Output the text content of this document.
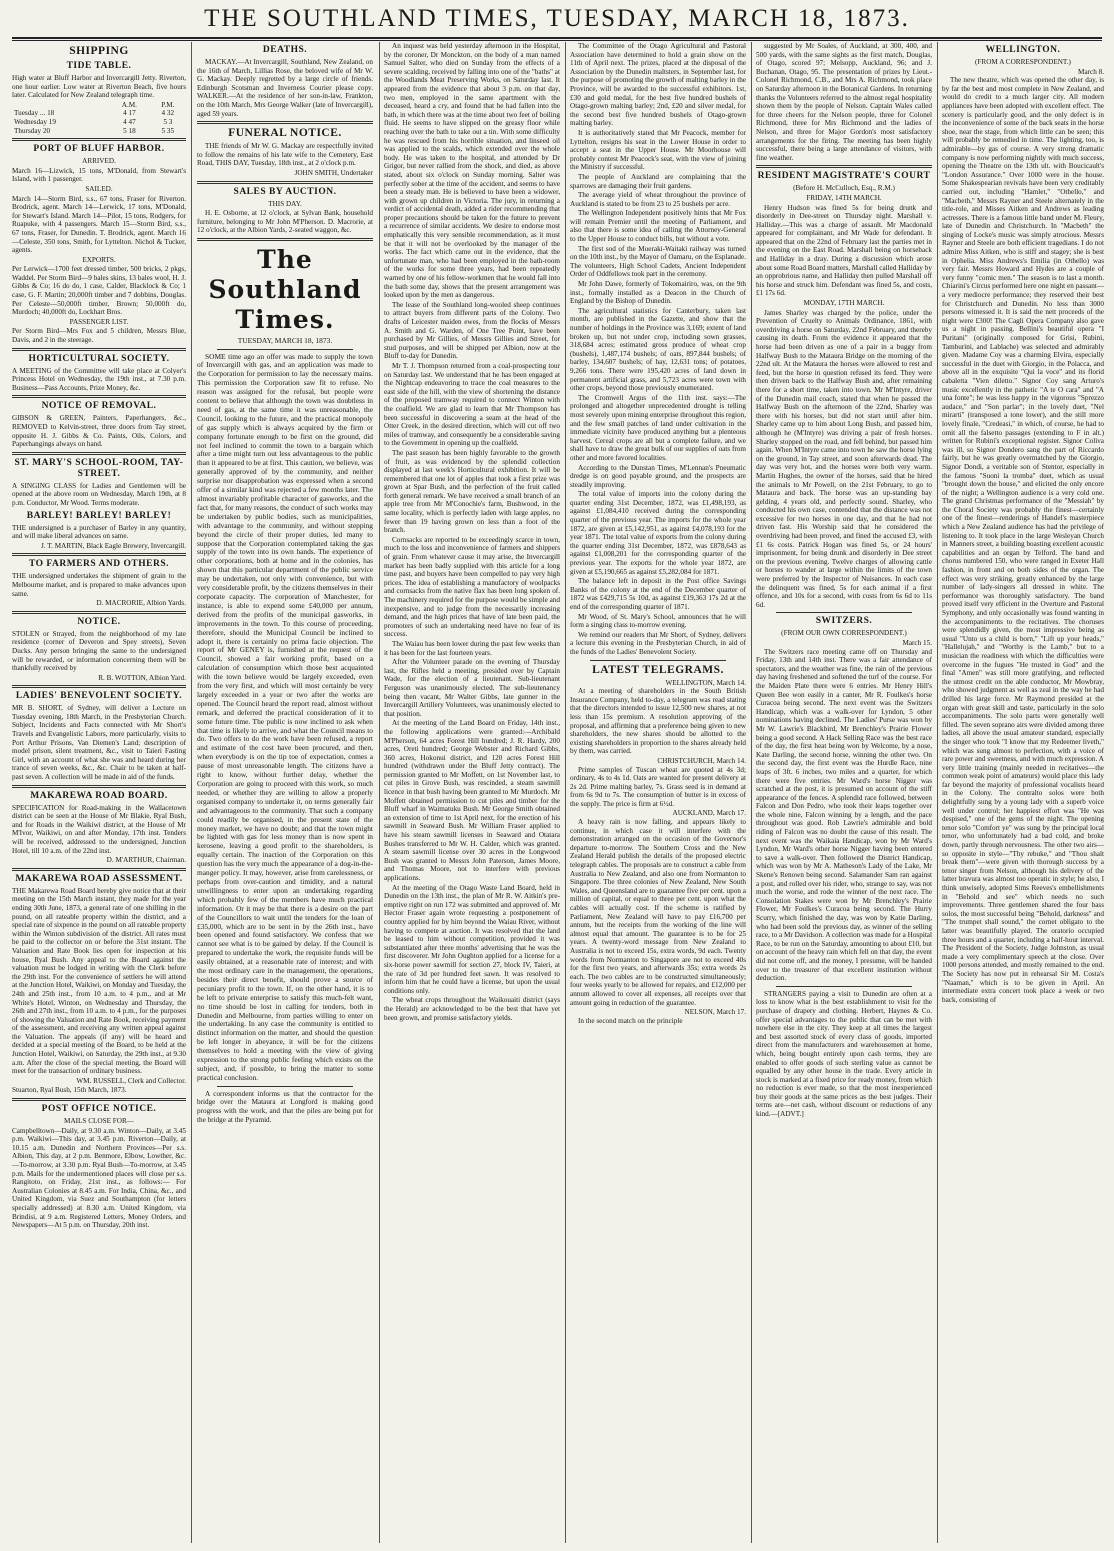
THE SOUTHLAND TIMES, TUESDAY, MARCH 18, 1873.
SHIPPING
TIDE TABLE.

High water at Bluff Harbor and Invercargill Jetty. Riverton, one hour earlier. Low water at Riverton Beach, five hours later. Calculated for New Zealand telegraph time.

	A.M.	P.M.
Tuesday ... 18	4 17	4 32
Wednesday 19	4 47	5 3
Thursday 20	5 18	5 35
PORT OF BLUFF HARBOR.
ARRIVED.

March 16—Lizwick, 15 tons, M'Donald, from Stewart's Island, with 1 passenger.

SAILED.

March 14—Storm Bird, s.s., 67 tons, Fraser for Riverton. Brodrick, agent. March 14—Lerwick, 17 tons, M'Donald, for Stewart's Island. March 14—Pilot, 15 tons, Rodgers, for Ruapuke, with 4 passengers. March 15—Storm Bird, s.s., 67 tons, Fraser, for Dunedin. T. Brodrick, agent. March 16—Celeste, 350 tons, Smith, for Lyttelton. Nichol & Tucker, agents.

EXPORTS.

Per Lerwick—1700 feet dressed timber, 500 bricks, 2 pkgs, Waddel. Per Storm Bird—9 bales skins, 13 bales wool, H. J. Gibbs & Co; 16 do do, 1 case, Calder, Blacklock & Co; 1 case, G. F. Martin; 20,000ft timber and 7 dobbins, Douglas. Per Celeste—50,000ft timber, Brown; 50,000ft do, Murdoch; 40,000ft do, Lockhart Bros.

PASSENGER LIST.

Per Storm Bird—Mrs Fox and 5 children, Messrs Blue, Davis, and 2 in the steerage.

HORTICULTURAL SOCIETY.

A MEETING of the Committee will take place at Colyer's Princess Hotel on Wednesday, the 19th inst., at 7.30 p.m. Business—Pass Accounts, Prize Money, &c.

NOTICE OF REMOVAL.

GIBSON & GREEN, Painters, Paperhangers, &c., REMOVED to Kelvin-street, three doors from Tay street, opposite H. J. Gibbs & Co. Paints, Oils, Colors, and Paperhangings always on hand.

ST. MARY'S SCHOOL-ROOM, TAY-STREET.

A SINGING CLASS for Ladies and Gentlemen will be opened at the above room on Wednesday, March 19th, at 8 p.m. Conductor, Mr Wood. Terms moderate.

BARLEY! BARLEY! BARLEY!

THE undersigned is a purchaser of Barley in any quantity, and will make liberal advances on same.

J. T. MARTIN, Black Eagle Brewery, Invercargill.

TO FARMERS AND OTHERS.

THE undersigned undertakes the shipment of grain to the Melbourne market, and is prepared to make advances upon same.

D. MACRORIE, Albion Yards.

NOTICE.

STOLEN or Strayed, from the neighborhood of my late residence (corner of Deveron and Spey streets), Seven Ducks. Any person bringing the same to the undersigned will be rewarded, or information concerning them will be thankfully received by

R. B. WOTTON, Albion Yard.

LADIES' BENEVOLENT SOCIETY.

MR B. SHORT, of Sydney, will deliver a Lecture on Tuesday evening, 18th March, in the Presbyterian Church. Subject, Incidents and Facts connected with Mr Short's Travels and Evangelistic Labors, more particularly, visits to Port Arthur Prisons, Van Diemen's Land; description of model prison, silent treatment, &c., visit to Taieri Fasting Girl, with an account of what she was and heard during her trance of seven weeks, &c., &c. Chair to be taken at half-past seven. A collection will be made in aid of the funds.

MAKAREWA ROAD BOARD.

SPECIFICATION for Road-making in the Wallacetown district can be seen at the House of Mr Blakie, Ryal Bush, and for Roads in the Waikiwi district, at the House of Mr M'Ivor, Waikiwi, on and after Monday, 17th inst. Tenders will be received, addressed to the undersigned, Junction Hotel, till 10 a.m. of the 22nd inst.

D. M'ARTHUR, Chairman.

MAKAREWA ROAD ASSESSMENT.

THE Makarewa Road Board hereby give notice that at their meeting on the 15th March instant, they made for the year ending 30th June, 1873, a general rate of one shilling in the pound, on all rateable property within the district, and a special rate of sixpence in the pound on all rateable property within the Winton subdivision of the district. All rates must be paid to the collector on or before the 31st instant. The Valuation and Rate Book lies open for inspection at his house, Ryal Bush. Any appeal to the Board against the valuation must be lodged in writing with the Clerk before the 29th inst. For the convenience of settlers he will attend at the Junction Hotel, Waikiwi, on Monday and Tuesday, the 24th and 25th inst., from 10 a.m. to 4 p.m., and at Mr White's Hotel, Winton, on Wednesday and Thursday, the 26th and 27th inst., from 10 a.m. to 4 p.m., for the purposes of showing the Valuation and Rate Book, receiving payment of the assessment, and receiving any written appeal against the Valuation. The appeals (if any) will be heard and decided at a special meeting of the Board, to be held at the Junction Hotel, Waikiwi, on Saturday, the 29th inst., at 9.30 a.m. After the close of the special meeting, the Board will meet for the transaction of ordinary business.

WM. RUSSELL, Clerk and Collector.

Stuarton, Ryal Bush, 15th March, 1873.

POST OFFICE NOTICE.
MAILS CLOSE FOR—

Campbelltown—Daily, at 9.30 a.m. Winton—Daily, at 3.45 p.m. Waikiwi—This day, at 3.45 p.m. Riverton—Daily, at 10.15 a.m. Dunedin and Northern Provinces—Per s.s. Albion, This day, at 2 p.m. Benmore, Elbow, Lowther, &c.—To-morrow, at 3.30 p.m. Ryal Bush—To-morrow, at 3.45 p.m. Mails for the undermentioned places will close per s.s. Rangitoto, on Friday, 21st inst., as follows:— For Australian Colonies at 8.45 a.m. For India, China, &c., and United Kingdom, via Suez and Southampton (for letters specially addressed) at 8.30 a.m. United Kingdom, via Brindisi, at 9 a.m. Registered Letters, Money Orders, and Newspapers—At 5 p.m. on Thursday, 20th inst.

DEATHS.

MACKAY.—At Invercargill, Southland, New Zealand, on the 16th of March, Lillias Rose, the beloved wife of Mr W. G. Mackay. Deeply regretted by a large circle of friends. Edinburgh Scotsman and Inverness Courier please copy. WALKER.—At the residence of her son-in-law, Frankton, on the 10th March, Mrs George Walker (late of Invercargill), aged 59 years.

FUNERAL NOTICE.

THE friends of Mr W. G. Mackay are respectfully invited to follow the remains of his late wife to the Cemetery, East Road, THIS DAY, Tuesday, 18th inst., at 2 o'clock p.m.

JOHN SMITH, Undertaker

SALES BY AUCTION.
THIS DAY.

H. E. Osborne, at 12 o'clock, at Sylvan Bank, household furniture, belonging to Mr John M'Pherson. D. Macrorie, at 12 o'clock, at the Albion Yards, 2-seated waggon, &c.

The Southland Times.
TUESDAY, MARCH 18, 1873.

SOME time ago an offer was made to supply the town of Invercargill with gas, and an application was made to the Corporation for permission to lay the necessary mains. This permission the Corporation saw fit to refuse. No reason was assigned for the refusal, but people were content to believe that although the town was doubtless in need of gas, at the same time it was unreasonable, the Council, looking to the future, and the practical monopoly of gas supply which is always acquired by the firm or company fortunate enough to be first on the ground, did not feel inclined to commit the town to a bargain which after a time might turn out less advantageous to the public than it appeared to be at first. This caution, we believe, was generally approved of by the community, and neither surprise nor disapprobation was expressed when a second offer of a similar kind was rejected a few months later. The almost invariably profitable character of gasworks, and the fact that, for many reasons, the conduct of such works may be undertaken by public bodies, such as municipalities, with advantage to the community, and without stepping beyond the circle of their proper duties, led many to suppose that the Corporation contemplated taking the gas supply of the town into its own hands. The experience of other corporations, both at home and in the colonies, has shown that this particular department of the public service may be undertaken, not only with convenience, but with very considerable profit, by the citizens themselves in their corporate capacity. The corporation of Manchester, for instance, is able to expend some £40,000 per annum, derived from the profits of the municipal gasworks, in improvements in the town. To this course of proceeding, therefore, should the Municipal Council be inclined to adopt it, there is certainly no prima facie objection. The report of Mr GENEY is, furnished at the request of the Council, showed a fair working profit, based on a calculation of consumption which those best acquainted with the town believe would be largely exceeded, even from the very first, and which will most certainly be very largely exceeded in a year or two after the works are opened. The Council heard the report read, almost without remark, and deferred the practical consideration of it to some future time. The public is now inclined to ask when that time is likely to arrive, and what the Council means to do. Two offers to do the work have been refused, a report and estimate of the cost have been procured, and then, when everybody is on the tip toe of expectation, comes a pause of most unreasonable length. The citizens have a right to know, without further delay, whether the Corporation are going to proceed with this work, so much needed, or whether they are willing to allow a properly organised company to undertake it, on terms generally fair and advantageous to the community. That such a company could readily be organised, in the present state of the money market, we have no doubt; and that the town might be lighted with gas for less money than is now spent in kerosene, leaving a good profit to the shareholders, is equally certain. The inaction of the Corporation on this question has the very much the appearance of a dog-in-the-manger policy. It may, however, arise from carelessness, or perhaps from over-caution and timidity, and a natural unwillingness to enter upon an undertaking regarding which probably few of the members have much practical information. Or it may be that there is a desire on the part of the Councillors to wait until the tenders for the loan of £35,000, which are to be sent in by the 26th inst., have been opened and found satisfactory. We confess that we cannot see what is to be gained by delay. If the Council is prepared to undertake the work, the requisite funds will be easily obtained, at a reasonable rate of interest; and with the most ordinary care in the management, the operations, besides their direct benefit, should prove a source of pecuniary profit to the town. If, on the other hand, it is to be left to private enterprise to satisfy this much-felt want, no time should be lost in calling for tenders, both in Dunedin and Melbourne, from parties willing to enter on the undertaking. In any case the community is entitled to distinct information on the matter, and should the question be left longer in abeyance, it will be for the citizens themselves to hold a meeting with the view of giving expression to the strong public feeling which exists on the subject, and, if possible, to bring the matter to some practical conclusion.

A correspondent informs us that the contractor for the bridge over the Mataura at Longford is making good progress with the work, and that the piles are being put for the bridge at the Pyramid.

An inquest was held yesterday afternoon in the Hospital, by the coroner, Dr Monckton, on the body of a man named Samuel Salter, who died on Sunday from the effects of a severe scalding, received by falling into one of the "baths" at the Woodlands Meat Preserving Works, on Saturday last. It appeared from the evidence that about 3 p.m. on that day, two men, employed in the same apartment with the deceased, heard a cry, and found that he had fallen into the bath, in which there was at the time about two feet of boiling fluid. He seems to have slipped on the greasy floor while reaching over the bath to take out a tin. With some difficulty he was rescued from his horrible situation, and linseed oil was applied to the scalds, which extended over the whole body. He was taken to the hospital, and attended by Dr Grigor, but never rallied from the shock, and died, as above stated, about six o'clock on Sunday morning. Salter was perfectly sober at the time of the accident, and seems to have been a steady man. He is believed to have been a widower, with grown up children in Victoria. The jury, in returning a verdict of accidental death, added a rider recommending that proper precautions should be taken for the future to prevent a recurrence of similar accidents. We desire to endorse most emphatically this very sensible recommendation, as it must be that it will not be overlooked by the manager of the works. The fact which came out in the evidence, that the unfortunate man, who had been employed in the bath-room of the works for some three years, had been repeatedly warned by one of his fellow-workmen that he would fall into the bath some day, shows that the present arrangement was looked upon by the men as dangerous.

The lease of the Southland long-wooled sheep continues to attract buyers from different parts of the Colony. Two drafts of Leicester maiden ewes, from the flocks of Messrs A. Smith and G. Warden, of One Tree Point, have been purchased by Mr Gillies, of Messrs Gillies and Street, for stud purposes, and will be shipped per Albion, now at the Bluff to-day for Dunedin.

Mr T. J. Thompson returned from a coal-prospecting tour on Saturday last. We understand that he has been engaged at the Nightcap endeavoring to trace the coal measures to the east side of the hill, with the view of shortening the distance of the proposed tramway required to connect Winton with the coalfield. We are glad to learn that Mr Thompson has been successful in discovering a seam at the head of the Otter Creek, in the desired direction, which will cut off two miles of tramway, and consequently be a considerable saving to the Government in opening up the coalfield.

The past season has been highly favorable to the growth of fruit, as was evidenced by the splendid collection displayed at last week's Horticultural exhibition. It will be remembered that one lot of apples that took a first prize was grown at Spar Bush, and the perfection of the fruit called forth general remark. We have received a small branch of an apple tree from Mr M'Conochie's farm, Bushwood, in the same locality, which is perfectly laden with large apples, no fewer than 19 having grown on less than a foot of the branch.

Cornsacks are reported to be exceedingly scarce in town, much to the loss and inconvenience of farmers and shippers of grain. From whatever cause it may arise, the Invercargill market has been badly supplied with this article for a long time past, and buyers have been compelled to pay very high prices. The idea of establishing a manufactory of woolpacks and cornsacks from the native flax has been long spoken of. The machinery required for the purpose would be simple and inexpensive, and to judge from the necessarily increasing demand, and the high prices that have of late been paid, the promoters of such an undertaking need have no fear of its success.

The Waiau has been lower during the past few weeks than it has been for the last fourteen years.

After the Volunteer parade on the evening of Thursday last, the Rifles held a meeting, presided over by Captain Wade, for the election of a lieutenant. Sub-lieutenant Ferguson was unanimously elected. The sub-lieutenancy being then vacant, Mr Walter Gibbs, late gunner in the Invercargill Artillery Volunteers, was unanimously elected to that position.

At the meeting of the Land Board on Friday, 14th inst., the following applications were granted:—Archibald M'Pherson, 64 acres Forest Hill hundred; J. R. Hardy, 200 acres, Oreti hundred; George Webster and Richard Gibbs, 360 acres, Hokonui district, and 120 acres Forest Hill hundred (withdrawn under the Bluff Jetty contract). The permission granted to Mr Moffett, on 1st November last, to cut piles in Grove Bush, was rescinded, a steam sawmill licence in that bush having been granted to Mr Murdoch. Mr Moffett obtained permission to cut piles and timber for the Bluff wharf in Waimatuku Bush. Mr George Smith obtained an extension of time to 1st April next, for the erection of his sawmill in Seaward Bush. Mr William Fraser applied to have his steam sawmill licenses in Seaward and Otatara Bushes transferred to Mr W. H. Calder, which was granted. A steam sawmill license over 30 acres in the Longwood Bush was granted to Messrs John Paterson, James Moore, and Thomas Moore, not to interfere with previous applications.

At the meeting of the Otago Waste Land Board, held in Dunedin on the 13th inst., the plan of Mr R. W. Aitkin's pre-emptive right on run 172 was submitted and approved of. Mr Hector Fraser again wrote requesting a postponement of country applied for by him beyond the Waiau River, without having to compete at auction. It was resolved that the land be leased to him without competition, provided it was substantiated after three months' advertising that he was the first discoverer. Mr John Oughton applied for a license for a six-horse power sawmill for section 27, block IV, Taieri, at the rate of 3d per hundred feet sawn. It was resolved to inform him that he could have a license, but upon the usual conditions only.

The wheat crops throughout the Waikouaiti district (says the Herald) are acknowledged to be the best that have yet been grown, and promise satisfactory yields.

The Committee of the Otago Agricultural and Pastoral Association have determined to hold a grain show on the 11th of April next. The prizes, placed at the disposal of the Association by the Dunedin maltsters, in September last, for the purpose of promoting the growth of malting barley in the Province, will be awarded to the successful exhibitors. 1st, £30 and gold medal, for the best five hundred bushels of Otago-grown malting barley; 2nd, £20 and silver medal, for the second best five hundred bushels of Otago-grown malting barley.

It is authoritatively stated that Mr Peacock, member for Lyttelton, resigns his seat in the Lower House in order to accept a seat in the Upper House. Mr Moorhouse will probably contest Mr Peacock's seat, with the view of joining the Ministry if successful.

The people of Auckland are complaining that the sparrows are damaging their fruit gardens.

The average yield of wheat throughout the province of Auckland is stated to be from 23 to 25 bushels per acre.

The Wellington Independent positively hints that Mr Fox will remain Premier until the meeting of Parliament, and also that there is some idea of calling the Attorney-General to the Upper House to conduct bills, but without a vote.

The first sod of the Moeraki-Waitaki railway was turned on the 10th inst., by the Mayor of Oamaru, on the Esplanade. The volunteers, High School Cadets, Ancient Independent Order of Oddfellows took part in the ceremony.

Mr John Dawe, formerly of Tokomairiro, was, on the 9th inst., formally installed as a Deacon in the Church of England by the Bishop of Dunedin.

The agricultural statistics for Canterbury, taken last month, are published in the Gazette, and show that the number of holdings in the Province was 3,169; extent of land broken up, but not under crop, including sown grasses, 318,684 acres; estimated gross produce of wheat crop (bushels), 1,487,174 bushels; of oats, 897,844 bushels; of barley, 134,607 bushels; of hay, 12,631 tons; of potatoes, 9,266 tons. There were 195,420 acres of land down in permanent artificial grass, and 5,723 acres were town with other crops, beyond those previously enumerated.

The Cromwell Argus of the 11th inst. says:—The prolonged and altogether unprecedented drought is telling most severely upon mining enterprise throughout this region, and the few small patches of land under cultivation in the immediate vicinity have produced anything but a plenteous harvest. Cereal crops are all but a complete failure, and we shall have to draw the great bulk of our supplies of oats from other and more favored localities.

According to the Dunstan Times, M'Lennan's Pneumatic dredge is on good payable ground, and the prospects are steadily improving.

The total value of imports into the colony during the quarter ending 31st December, 1872, was £1,498,193, as against £1,084,410 received during the corresponding quarter of the previous year. The imports for the whole year 1872, are given at £5,142,951, as against £4,078,193 for the year 1871. The total value of exports from the colony during the quarter ending 31st December, 1872, was £878,643 as against £1,008,201 for the corresponding quarter of the previous year. The exports for the whole year 1872, are given at £5,190,665 as against £5,282,084 for 1871.

The balance left in deposit in the Post office Savings Banks of the colony at the end of the December quarter of 1872 was £429,715 5s 10d, as against £19,363 17s 2d at the end of the corresponding quarter of 1871.

Mr Wood, of St. Mary's School, announces that he will form a singing class to-morrow evening.

We remind our readers that Mr Short, of Sydney, delivers a lecture this evening in the Presbyterian Church, in aid of the funds of the Ladies' Benevolent Society.

LATEST TELEGRAMS.
WELLINGTON, March 14.

At a meeting of shareholders in the South British Insurance Company, held to-day, a telegram was read stating that the directors intended to issue 12,500 new shares, at not less than 15s premium. A resolution approving of the proposal, and affirming that a preference being given to new shareholders, the new shares should be allotted to the existing shareholders in proportion to the shares already held by them, was carried.

CHRISTCHURCH, March 14.

Prime samples of Tuscan wheat are quoted at 4s 3d; ordinary, 4s to 4s 1d. Oats are wanted for present delivery at 2s 2d. Prime malting barley, 7s. Grass seed is in demand at from 6s 9d to 7s. The consumption of butter is in excess of the supply. The price is firm at 6½d.

AUCKLAND, March 17.

A heavy rain is now falling, and appears likely to continue, in which case it will interfere with the demonstration arranged on the occasion of the Governor's departure to-morrow. The Southern Cross and the New Zealand Herald publish the details of the proposed electric telegraph cables. The proposals are to construct a cable from Australia to New Zealand, and also one from Normanton to Singapore. The three colonies of New Zealand, New South Wales, and Queensland are to guarantee five per cent. upon a million of capital, or equal to three per cent. upon what the cables will actually cost. If the scheme is ratified by Parliament, New Zealand will have to pay £16,700 per annum, but the receipts from the working of the line will almost equal that amount. The guarantee is to be for 25 years. A twenty-word message from New Zealand to Australia is not to exceed 15s, extra words, 9d each. Twenty words from Normanton to Singapore are not to exceed 40s for the first two years, and afterwards 35s; extra words 2s each. The two cables are to be constructed simultaneously; four weeks yearly to be allowed for repairs, and £12,000 per annum allowed to cover all expenses, all receipts over that amount going in reduction of the guarantee.

NELSON, March 17.

In the second match on the principle

suggested by Mr Soales, of Auckland, at 300, 400, and 500 yards, with the same sights as the first match, Douglas, of Otago, scored 97; Melsopp, Auckland, 96; and J. Buchanan, Otago, 95. The presentation of prizes by Lieut.-Colonel Richmond, C.B., and Mrs A. Richmond, took place on Saturday afternoon in the Botanical Gardens. In returning thanks the Volunteers referred to the almost regal hospitality shown them by the people of Nelson. Captain Wales called for three cheers for the Nelson people, three for Colonel Richmond, three for Mrs Richmond and the ladies of Nelson, and three for Major Gordon's most satisfactory arrangements for the firing. The meeting has been highly successful, there being a large attendance of visitors, with fine weather.

RESIDENT MAGISTRATE'S COURT
(Before H. McCulloch, Esq., R.M.)
FRIDAY, 14TH MARCH.

Henry Hudson was fined 5s for being drunk and disorderly in Dee-street on Thursday night. Marshall v. Halliday.—This was a charge of assault. Mr Macdonald appeared for complainant, and Mr Wade for defendant. It appeared that on the 22nd of February last the parties met in the evening on the East Road. Marshall being on horseback and Halliday in a dray. During a discussion which arose about some Road Board matters, Marshall called Halliday by an opprobrious name, and Halliday then pulled Marshall off his horse and struck him. Defendant was fined 5s, and costs, £1 17s 6d.

MONDAY, 17TH MARCH.

James Sharley was charged by the police, under the Prevention of Cruelty to Animals Ordinance, 1861, with overdriving a horse on Saturday, 22nd February, and thereby causing its death. From the evidence it appeared that the horse had been driven as one of a pair in a buggy from Halfway Bush to the Mataura Bridge on the morning of the 22nd ult. At the Mataura the horses were allowed to rest and feed, but the horse in question refused its feed. They were then driven back to the Halfway Bush and, after remaining there for a short time, taken into town. Mr M'Intyre, driver of the Dunedin mail coach, stated that when he passed the Halfway Bush on the afternoon of the 22nd, Sharley was there with his horses, but did not start until after him. Sharley came up to him about Long Bush, and passed him, although he (M'Intyre) was driving a pair of fresh horses. Sharley stopped on the road, and fell behind, but passed him again. When M'Intyre came into town he saw the horse lying on the ground, in Tay street, and soon afterwards dead. The day was very hot, and the horses were both very warm. Martin Hughes, the owner of the horses, said that he hired the animals to Mr Powell, on the 21st February, to go to Mataura and back. The horse was an up-standing bay gelding, 4 years old, and perfectly sound. Sharley, who conducted his own case, contended that the distance was not excessive for two horses in one day, and that he had not driven fast. His Worship said that he considered the overdriving had been proved, and fined the accused £3, with £1 6s costs. Patrick Hogan was fined 5s, or 24 hours' imprisonment, for being drunk and disorderly in Dee street on the previous evening. Twelve charges of allowing cattle or horses to wander at large within the limits of the town were preferred by the Inspector of Nuisances. In each case the delinquent was fined, 5s for each animal if a first offence, and 10s for a second, with costs from 6s 6d to 11s 6d.

SWITZERS.
(FROM OUR OWN CORRESPONDENT.)
March 15.

The Switzers race meeting came off on Thursday and Friday, 13th and 14th inst. There was a fair attendance of spectators, and the weather was fine, the rain of the previous day having freshened and softened the turf of the course. For the Maiden Plate there were 6 entries. Mr Henry Hill's Queen Bee won easily in a canter, Mr R. Foulkes's horse Curacoa being second. The next event was the Switzers Handicap, which was a walk-over for Lyndon, 5 other nominations having declined. The Ladies' Purse was won by Mr W. Lawrie's Blackbird, Mr Brenchley's Prairie Flower being a good second. A Hack Selling Race was the best race of the day, the first heat being won by Welcome, by a nose, Kate Darling, the second horse, winning the other two. On the second day, the first event was the Hurdle Race, nine leaps of 3ft. 6 inches, two miles and a quarter, for which there were five entries. Mr Ward's horse Nigger was scratched at the post, it is presumed on account of the stiff appearance of the fences. A splendid race followed, between Falcon and Don Pedro, who took their leaps together over the whole nine, Falcon winning by a length, and the pace throughout was good. Rob Lawrie's admirable and bold riding of Falcon was no doubt the cause of this result. The next event was the Waikaia Handicap, won by Mr Ward's Lyndon, Mr Ward's other horse Nigger having been entered to save a walk-over. Then followed the District Handicap, which was won by Mr A. Matheson's Lady of the Lake, Mr Skene's Renown being second. Salamander Sam ran against a post, and rolled over his rider, who, strange to say, was not much the worse, and rode the winner of the next race. The Consolation Stakes were won by Mr Brenchley's Prairie Flower, Mr Foulkes's Curacoa being second. The Hurry Scurry, which finished the day, was won by Katie Darling, who had been sold the previous day, as winner of the selling race, to a Mr Davidson. A collection was made for a Hospital Race, to be run on the Saturday, amounting to about £10, but on account of the heavy rain which fell on that day, the event did not come off, and the money, I presume, will be handed over to the treasurer of that excellent institution without deduction.

STRANGERS paying a visit to Dunedin are often at a loss to know what is the best establishment to visit for the purchase of drapery and clothing. Herbert, Haynes & Co. offer special advantages to the public that can be met with nowhere else in the city. They keep at all times the largest and best assorted stock of every class of goods, imported direct from the manufacturers and warehousemen at home, which, being bought entirely upon cash terms, they are enabled to offer goods of such sterling value as cannot be equalled by any other house in the trade. Every article in stock is marked at a fixed price for ready money, from which no reduction is ever made, so that the most inexperienced buy their goods at the same prices as the best judges. Their terms are—net cash, without discount or reductions of any kind.—[ADVT.]

WELLINGTON.
(FROM A CORRESPONDENT.)
March 8.

The new theatre, which was opened the other day, is by far the best and most complete in New Zealand, and would do credit to a much larger city. All modern appliances have been adopted with excellent effect. The scenery is particularly good, and the only defect is in the inconvenience of some of the back seats in the horse shoe, near the stage, from which little can be seen; this will probably be remedied in time. The lighting, too, is admirable—by gas of course. A very strong dramatic company is now performing nightly with much success, opening the Theatre on the 13th ult. with Boucicault's "London Assurance." Over 1000 were in the house. Some Shakespearian revivals have been very creditably carried out, including "Hamlet," "Othello," and "Macbeth," Messrs Rayner and Steele alternately in the title-role, and Misses Aitken and Andrews as leading actresses. There is a famous little band under M. Fleury, late of Dunedin and Christchurch. In "Macbeth" the singing of Locke's music was simply atrocious. Messrs Rayner and Steele are both efficient tragedians. I do not admire Miss Aitken, who is stiff and stagey; she is best in Ophelia. Miss Andrews's Emilia (in Othello) was very fair. Messrs Howard and Hydes are a couple of very funny "comic men." The season is to last a month. Chiarini's Circus performed here one night en passant—a very mediocre performance; they reserved their best for Christchurch and Dunedin. No less than 3000 persons witnessed it. It is said the nett proceeds of the night were £300! The Cagli Opera Company also gave us a night in passing. Bellini's beautiful opera "I Puritani" (originally composed for Grisi, Rubini, Tamburini, and Lablache) was selected and admirably given. Madame Coy was a charming Elvira, especially successful in the duet with Giorgio, in the Polacca, and above all in the exquisite "Qui la voce" and its florid cabaletta "Vien diletto." Signor Coy sang Arturo's music excellently in the pathetic "A te O cara" and "A una fonte"; he was less happy in the vigorous "Sprezzo audace," and "Son parlar"; in the lovely duet, "Nel mirarti" (transposed a tone lower), and the still more lovely finale, "Credeasi," in which, of course, he had to omit all the falsetto passages (extending to F in alt.) written for Rubini's exceptional register. Signor Coliva was ill, so Signor Dondero sang the part of Riccardo fairly, but he was greatly overmatched by the Giorgio, Signor Dondi, a veritable son of Stentor, especially in the famous "Suoni la tromba" duet, which as usual "brought down the house," and elicited the only encore of the night; a Wellington audience is a very cold one. The grand Christmas performance of the "Messiah" by the Choral Society was probably the finest—certainly one of the finest—renderings of Handel's masterpiece which a New Zealand audience has had the privilege of listening to. It took place in the large Wesleyan Church in Manners street, a building boasting excellent acoustic capabilities and an organ by Telford. The band and chorus numbered 150, who were ranged in Exeter Hall fashion, in front and on both sides of the organ. The effect was very striking, greatly enhanced by the large number of lady-singers all dressed in white. The performance was thoroughly satisfactory. The band proved itself very efficient in the Overture and Pastoral Symphony, and only occasionally was found wanting in the accompaniments to the recitatives. The choruses were splendidly given, the most impressive being as usual "Unto us a child is born," "Lift up your heads," "Hallelujah," and "Worthy is the Lamb," but to a musician the readiness with which the difficulties were overcome in the fugues "He trusted in God" and the final "Amen" was still more gratifying, and reflected the utmost credit on the able conductor, Mr Mowbray, who showed judgment as well as zeal in the way he had drilled his large force. Mr Raymond presided at the organ with great skill and taste, particularly in the solo accompaniments. The solo parts were generally well filled. The seven soprano airs were divided among three ladies, all above the usual amateur standard, especially the singer who took "I know that my Redeemer liveth," which was sung almost to perfection, with a voice of rare power and sweetness, and with much expression. A very little training (mainly needed in recitatives—the common weak point of amateurs) would place this lady far beyond the majority of professional vocalists heard in the Colony. The contralto solos were both delightfully sung by a young lady with a superb voice well under control; her happiest effort was "He was despised," one of the gems of the night. The opening tenor solo "Comfort ye" was sung by the principal local tenor, who unfortunately had a bad cold, and broke down, partly through nervousness. The other two airs—so opposite in style—"Thy rebuke," and "Thou shalt break them"—were given with thorough success by a tenor singer from Nelson, although his delivery of the latter bravura was almost too operatic in style; he also, I think unwisely, adopted Sims Reeves's embellishments in "Behold and see" which needs no such improvements. Three gentlemen shared the four bass solos, the most successful being "Behold, darkness" and "The trumpet shall sound," the cornet obligato to the latter was beautifully played. The oratorio occupied three hours and a quarter, including a half-hour interval. The President of the Society, Judge Johnston, as usual made a very complimentary speech at the close. Over 1000 persons attended, and mostly remained to the end. The Society has now put in rehearsal Sir M. Costa's "Naaman," which is to be given in April. An intermediate extra concert took place a week or two back, consisting of
